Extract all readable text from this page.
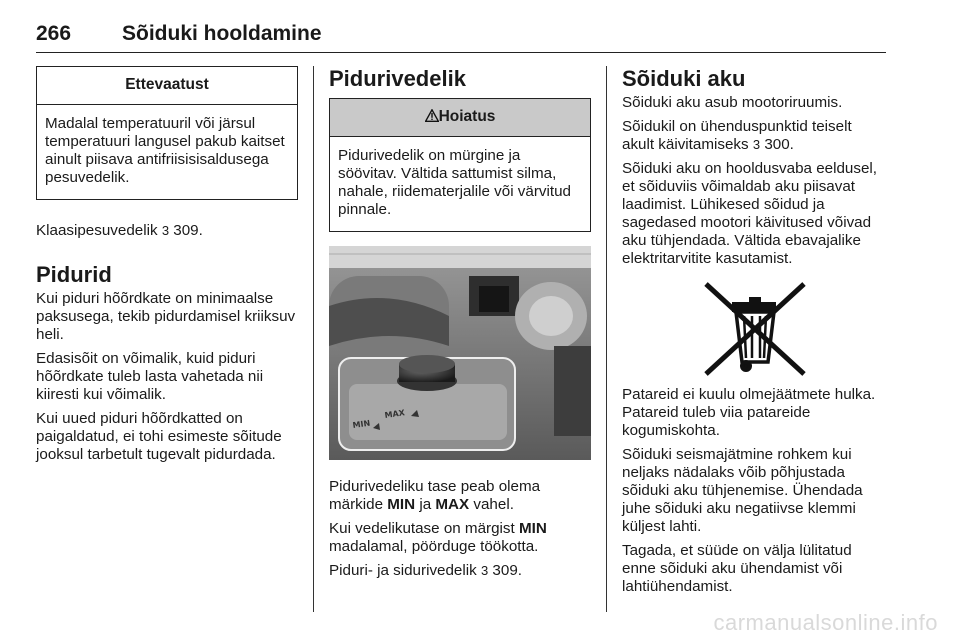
266 Sõiduki hooldamine
Ettevaatust

Madalal temperatuuril või järsul temperatuuri langusel pakub kaitset ainult piisava antifriisisisaldusega pesuvedelik.

Klaasipesuvedelik 3 309.

Pidurid

Kui piduri hõõrdkate on minimaalse paksusega, tekib pidurdamisel kriiksuv heli.

Edasisõit on võimalik, kuid piduri hõõrdkate tuleb lasta vahetada nii kiiresti kui võimalik.

Kui uued piduri hõõrdkatted on paigaldatud, ei tohi esimeste sõitude jooksul tarbetult tugevalt pidurdada.

Pidurivedelik
Hoiatus

Pidurivedelik on mürgine ja söövitav. Vältida sattumist silma, nahale, riidematerjalile või värvitud pinnale.

MAX
MIN

Pidurivedeliku tase peab olema märkide MIN ja MAX vahel.

Kui vedelikutase on märgist MIN madalamal, pöörduge töökotta.

Piduri- ja sidurivedelik 3 309.

Sõiduki aku

Sõiduki aku asub mootoriruumis.

Sõidukil on ühenduspunktid teiselt akult käivitamiseks 3 300.

Sõiduki aku on hooldusvaba eeldusel, et sõiduviis võimaldab aku piisavat laadimist. Lühikesed sõidud ja sagedased mootori käivitused võivad aku tühjendada. Vältida ebavajalike elektritarvitite kasutamist.

Patareid ei kuulu olmejäätmete hulka. Patareid tuleb viia patareide kogumiskohta.

Sõiduki seismajätmine rohkem kui neljaks nädalaks võib põhjustada sõiduki aku tühjenemise. Ühendada juhe sõiduki aku negatiivse klemmi küljest lahti.

Tagada, et süüde on välja lülitatud enne sõiduki aku ühendamist või lahtiühendamist.

carmanualsonline.info
